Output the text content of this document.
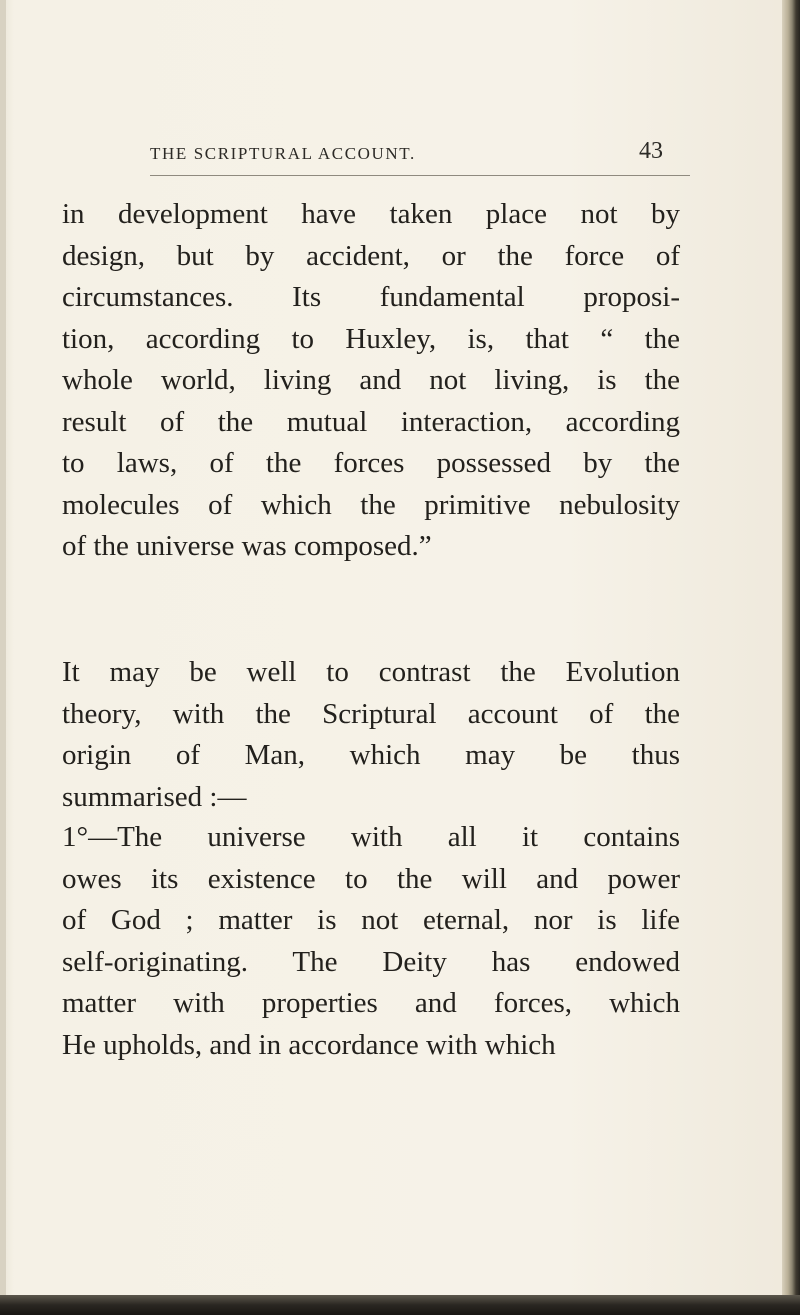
THE SCRIPTURAL ACCOUNT.	43

in development have taken place not by
design, but by accident, or the force of
circumstances. Its fundamental proposi-
tion, according to Huxley, is, that “ the
whole world, living and not living, is the
result of the mutual interaction, according
to laws, of the forces possessed by the
molecules of which the primitive nebulosity
of the universe was composed.”

It may be well to contrast the Evolution
theory, with the Scriptural account of the
origin of Man, which may be thus
summarised :—

1°—The universe with all it contains
owes its existence to the will and power
of God ; matter is not eternal, nor is life
self-originating. The Deity has endowed
matter with properties and forces, which
He upholds, and in accordance with which
